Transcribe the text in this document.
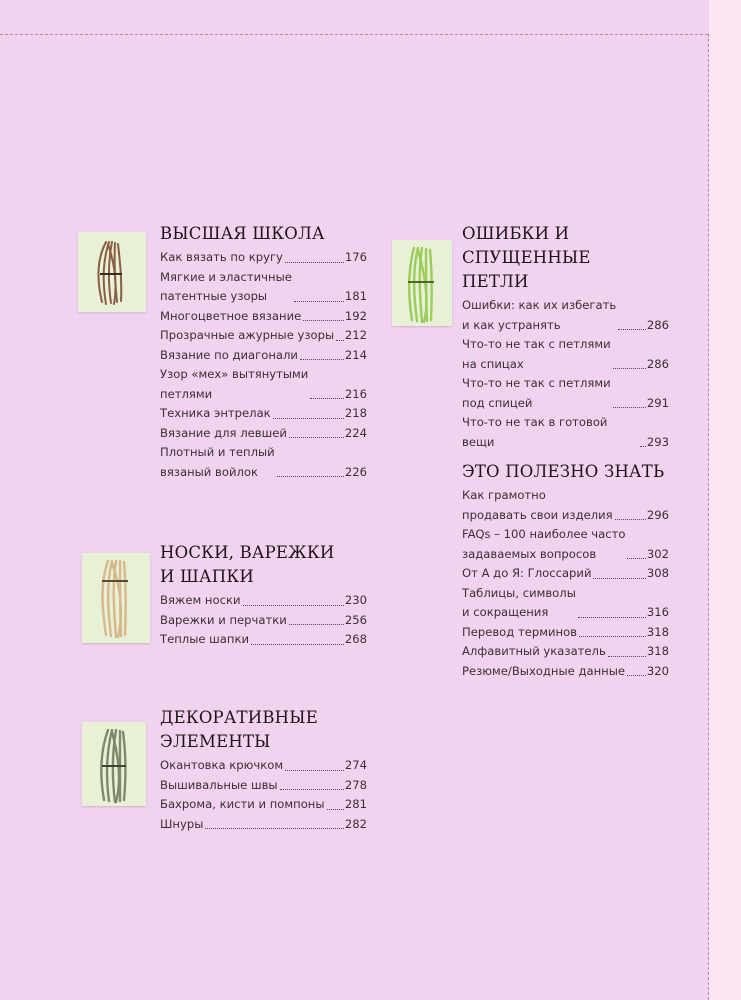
ВЫСШАЯ ШКОЛА
Как вязать по кругу	176
Мягкие и эластичные
патентные узоры	181
Многоцветное вязание	192
Прозрачные ажурные узоры 212
Вязание по диагонали	214
Узор «мех» вытянутыми
петлями	216
Техника энтрелак	218
Вязание для левшей	224
Плотный и теплый
вязаный войлок	226
НОСКИ, ВАРЕЖКИ
И ШАПКИ
Вяжем носки	230
Варежки и перчатки	256
Теплые шапки	268
ДЕКОРАТИВНЫЕ
ЭЛЕМЕНТЫ
Окантовка крючком	274
Вышивальные швы	278
Бахрома, кисти и помпоны 281
Шнуры	282
ОШИБКИ И СПУЩЕННЫЕ
ПЕТЛИ
Ошибки: как их избегать
и как устранять	286
Что-то не так с петлями
на спицах	286
Что-то не так с петлями
под спицей	291
Что-то не так в готовой вещи	293
ЭТО ПОЛЕЗНО ЗНАТЬ
Как грамотно
продавать свои изделия	296
FAQs – 100 наиболее часто
задаваемых вопросов	302
От А до Я: Глоссарий	308
Таблицы, символы
и сокращения	316
Перевод терминов	318
Алфавитный указатель	318
Резюме/Выходные данные 320
